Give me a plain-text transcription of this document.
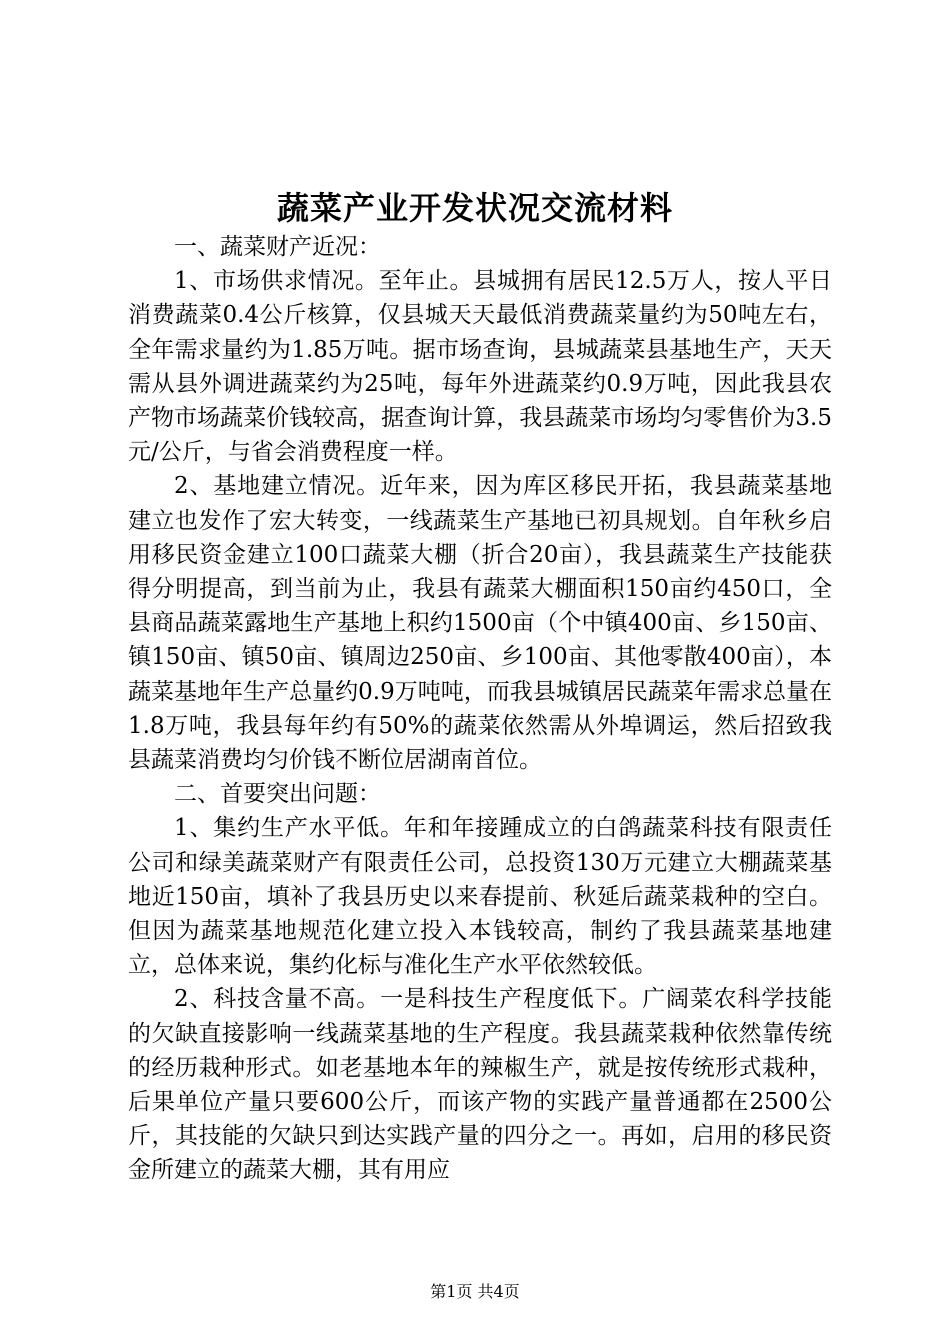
蔬菜产业开发状况交流材料

一、蔬菜财产近况：

1、市场供求情况。至年止。县城拥有居民12.5万人，按人平日消费蔬菜0.4公斤核算，仅县城天天最低消费蔬菜量约为50吨左右，全年需求量约为1.85万吨。据市场查询，县城蔬菜县基地生产，天天需从县外调进蔬菜约为25吨，每年外进蔬菜约0.9万吨，因此我县农产物市场蔬菜价钱较高，据查询计算，我县蔬菜市场均匀零售价为3.5元/公斤，与省会消费程度一样。

2、基地建立情况。近年来，因为库区移民开拓，我县蔬菜基地建立也发作了宏大转变，一线蔬菜生产基地已初具规划。自年秋乡启用移民资金建立100口蔬菜大棚（折合20亩），我县蔬菜生产技能获得分明提高，到当前为止，我县有蔬菜大棚面积150亩约450口，全县商品蔬菜露地生产基地上积约1500亩（个中镇400亩、乡150亩、镇150亩、镇50亩、镇周边250亩、乡100亩、其他零散400亩），本蔬菜基地年生产总量约0.9万吨吨，而我县城镇居民蔬菜年需求总量在1.8万吨，我县每年约有50%的蔬菜依然需从外埠调运，然后招致我县蔬菜消费均匀价钱不断位居湖南首位。

二、首要突出问题：

1、集约生产水平低。年和年接踵成立的白鸽蔬菜科技有限责任公司和绿美蔬菜财产有限责任公司，总投资130万元建立大棚蔬菜基地近150亩，填补了我县历史以来春提前、秋延后蔬菜栽种的空白。但因为蔬菜基地规范化建立投入本钱较高，制约了我县蔬菜基地建立，总体来说，集约化标与准化生产水平依然较低。

2、科技含量不高。一是科技生产程度低下。广阔菜农科学技能的欠缺直接影响一线蔬菜基地的生产程度。我县蔬菜栽种依然靠传统的经历栽种形式。如老基地本年的辣椒生产，就是按传统形式栽种，后果单位产量只要600公斤，而该产物的实践产量普通都在2500公斤，其技能的欠缺只到达实践产量的四分之一。再如，启用的移民资金所建立的蔬菜大棚，其有用应

第1页 共4页
